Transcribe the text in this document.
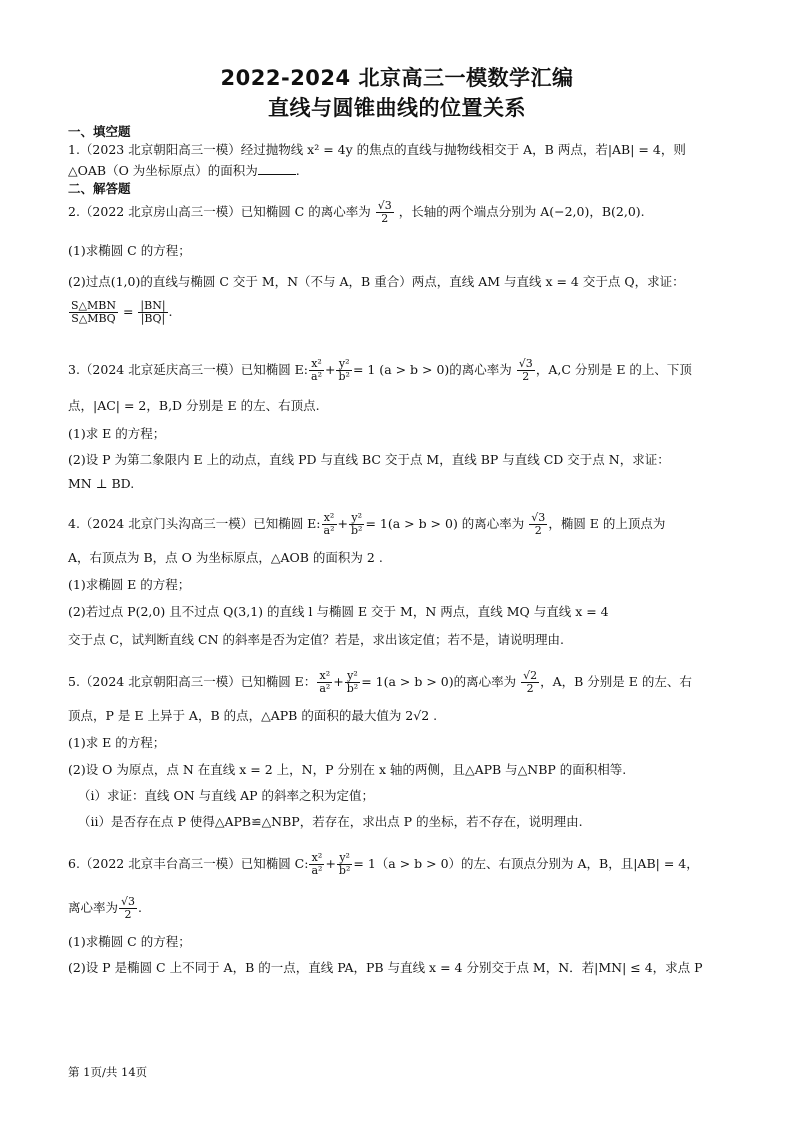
2022-2024 北京高三一模数学汇编
直线与圆锥曲线的位置关系
一、填空题
1.（2023 北京朝阳高三一模）经过抛物线 x² = 4y 的焦点的直线与抛物线相交于 A，B 两点，若|AB| = 4，则
△OAB（O 为坐标原点）的面积为	.
二、解答题
2.（2022 北京房山高三一模）已知椭圆 C 的离心率为 $\frac{√3}{2}$ ，长轴的两个端点分别为 A(−2,0)，B(2,0).
(1)求椭圆 C 的方程；
(2)过点(1,0)的直线与椭圆 C 交于 M，N（不与 A，B 重合）两点，直线 AM 与直线 x = 4 交于点 Q，求证：
$\frac{\text{S△MBN}}{\text{S△MBQ}} = \frac{|BN|}{|BQ|}$ .
3.（2024 北京延庆高三一模）已知椭圆 E: $\frac{\text{x²}}{\text{a²}} + \frac{\text{y²}}{\text{b²}} = 1$ (a > b > 0)的离心率为 $\frac{√3}{2}$ ，A,C 分别是 E 的上、下顶
点，|AC| = 2，B,D 分别是 E 的左、右顶点.
(1)求 E 的方程；
(2)设 P 为第二象限内 E 上的动点，直线 PD 与直线 BC 交于点 M，直线 BP 与直线 CD 交于点 N，求证：
MN ⊥ BD.
4.（2024 北京门头沟高三一模）已知椭圆 E: $\frac{\text{x²}}{\text{a²}} + \frac{\text{y²}}{\text{b²}} = 1(a > b > 0)$ 的离心率为 $\frac{√3}{2}$ ，椭圆 E 的上顶点为
A，右顶点为 B，点 O 为坐标原点，△AOB 的面积为 2 .
(1)求椭圆 E 的方程；
(2)若过点 P(2,0) 且不过点 Q(3,1) 的直线 l 与椭圆 E 交于 M，N 两点，直线 MQ 与直线 x = 4
交于点 C，试判断直线 CN 的斜率是否为定值？若是，求出该定值；若不是，请说明理由.
5.（2024 北京朝阳高三一模）已知椭圆 E： $\frac{\text{x²}}{\text{a²}} + \frac{\text{y²}}{\text{b²}} = 1(a > b > 0)$的离心率为 $\frac{√2}{2}$ ，A，B 分别是 E 的左、右
顶点，P 是 E 上异于 A，B 的点，△APB 的面积的最大值为 2√2 .
(1)求 E 的方程；
(2)设 O 为原点，点 N 在直线 x = 2 上，N，P 分别在 x 轴的两侧，且△APB 与△NBP 的面积相等.
（i）求证：直线 ON 与直线 AP 的斜率之积为定值；
（ii）是否存在点 P 使得△APB≌△NBP，若存在，求出点 P 的坐标，若不存在，说明理由.
6.（2022 北京丰台高三一模）已知椭圆 C: $\frac{\text{x²}}{\text{a²}} + \frac{\text{y²}}{\text{b²}} = 1(a > b > 0)$的左、右顶点分别为 A，B，且|AB| = 4，
离心率为 $\frac{√3}{2}$ .
(1)求椭圆 C 的方程；
(2)设 P 是椭圆 C 上不同于 A，B 的一点，直线 PA，PB 与直线 x = 4 分别交于点 M，N．若|MN| ≤ 4，求点 P
第 1页/共 14页
